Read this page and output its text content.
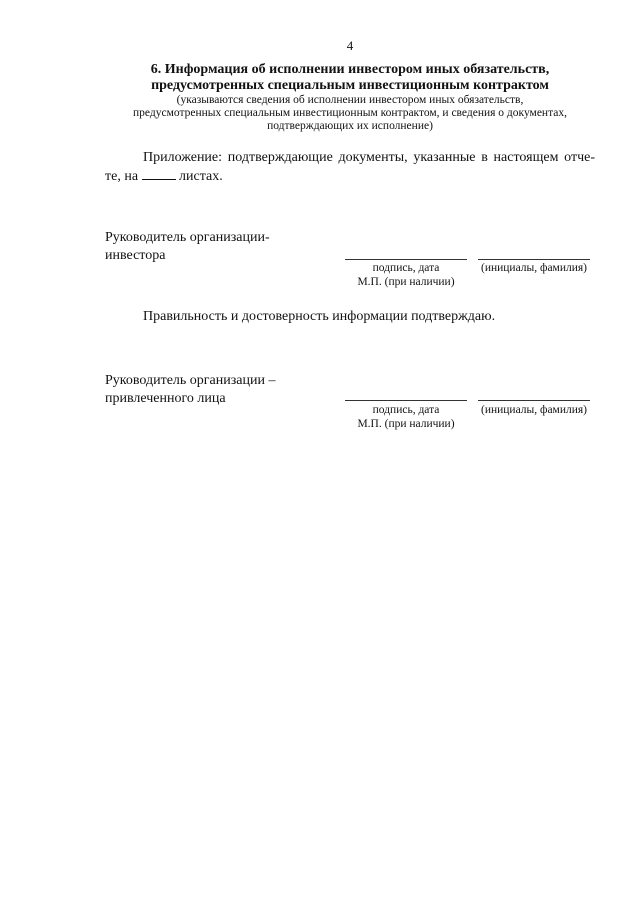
4
6. Информация об исполнении инвестором иных обязательств,
предусмотренных специальным инвестиционным контрактом
(указываются сведения об исполнении инвестором иных обязательств,
предусмотренных специальным инвестиционным контрактом, и сведения о документах,
подтверждающих их исполнение)
Приложение: подтверждающие документы, указанные в настоящем отче- те, на	листах.
Руководитель организации-
инвестора
подпись, дата
М.П. (при наличии)
(инициалы, фамилия)
Правильность и достоверность информации подтверждаю.
Руководитель организации –
привлеченного лица
подпись, дата
М.П. (при наличии)
(инициалы, фамилия)
